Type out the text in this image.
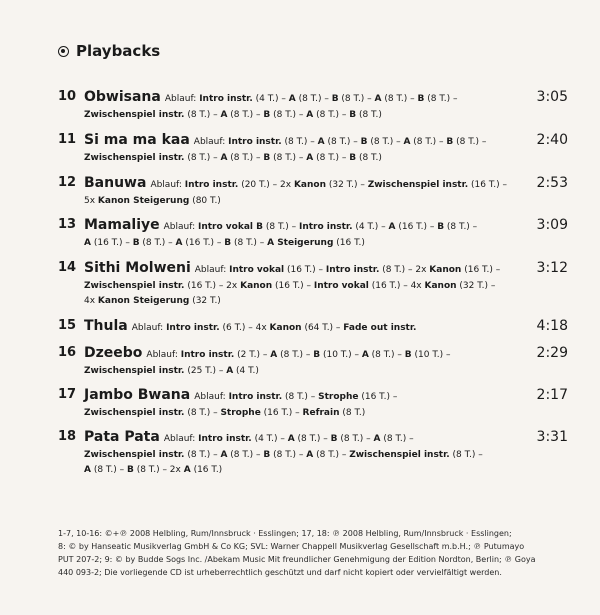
Playbacks
10 Obwisana Ablauf: Intro instr. (4 T.) – A (8 T.) – B (8 T.) – A (8 T.) – B (8 T.) –
Zwischenspiel instr. (8 T.) – A (8 T.) – B (8 T.) – A (8 T.) – B (8 T.)
3:05
11 Si ma ma kaa Ablauf: Intro instr. (8 T.) – A (8 T.) – B (8 T.) – A (8 T.) – B (8 T.) –
Zwischenspiel instr. (8 T.) – A (8 T.) – B (8 T.) – A (8 T.) – B (8 T.)
2:40
12 Banuwa Ablauf: Intro instr. (20 T.) – 2x Kanon (32 T.) – Zwischenspiel instr. (16 T.) –
5x Kanon Steigerung (80 T.)
2:53
13 Mamaliye Ablauf: Intro vokal B (8 T.) – Intro instr. (4 T.) – A (16 T.) – B (8 T.) –
A (16 T.) – B (8 T.) – A (16 T.) – B (8 T.) – A Steigerung (16 T.)
3:09
14 Sithi Molweni Ablauf: Intro vokal (16 T.) – Intro instr. (8 T.) – 2x Kanon (16 T.) –
Zwischenspiel instr. (16 T.) – 2x Kanon (16 T.) – Intro vokal (16 T.) – 4x Kanon (32 T.) –
4x Kanon Steigerung (32 T.)
3:12
15 Thula Ablauf: Intro instr. (6 T.) – 4x Kanon (64 T.) – Fade out instr.	4:18
16 Dzeebo Ablauf: Intro instr. (2 T.) – A (8 T.) – B (10 T.) – A (8 T.) – B (10 T.) –
Zwischenspiel instr. (25 T.) – A (4 T.)
2:29
17 Jambo Bwana Ablauf: Intro instr. (8 T.) – Strophe (16 T.) –
Zwischenspiel instr. (8 T.) – Strophe (16 T.) – Refrain (8 T.)
2:17
18 Pata Pata Ablauf: Intro instr. (4 T.) – A (8 T.) – B (8 T.) – A (8 T.) –
Zwischenspiel instr. (8 T.) – A (8 T.) – B (8 T.) – A (8 T.) – Zwischenspiel instr. (8 T.) –
A (8 T.) – B (8 T.) – 2x A (16 T.)
3:31
1-7, 10-16: ©+℗ 2008 Helbling, Rum/Innsbruck · Esslingen; 17, 18: ℗ 2008 Helbling, Rum/Innsbruck · Esslingen;
8: © by Hanseatic Musikverlag GmbH & Co KG; SVL: Warner Chappell Musikverlag Gesellschaft m.b.H.; ℗ Putumayo
PUT 207-2; 9: © by Budde Sogs Inc. /Abekam Music Mit freundlicher Genehmigung der Edition Nordton, Berlin; ℗ Goya
440 093-2; Die vorliegende CD ist urheberrechtlich geschützt und darf nicht kopiert oder vervielfältigt werden.
